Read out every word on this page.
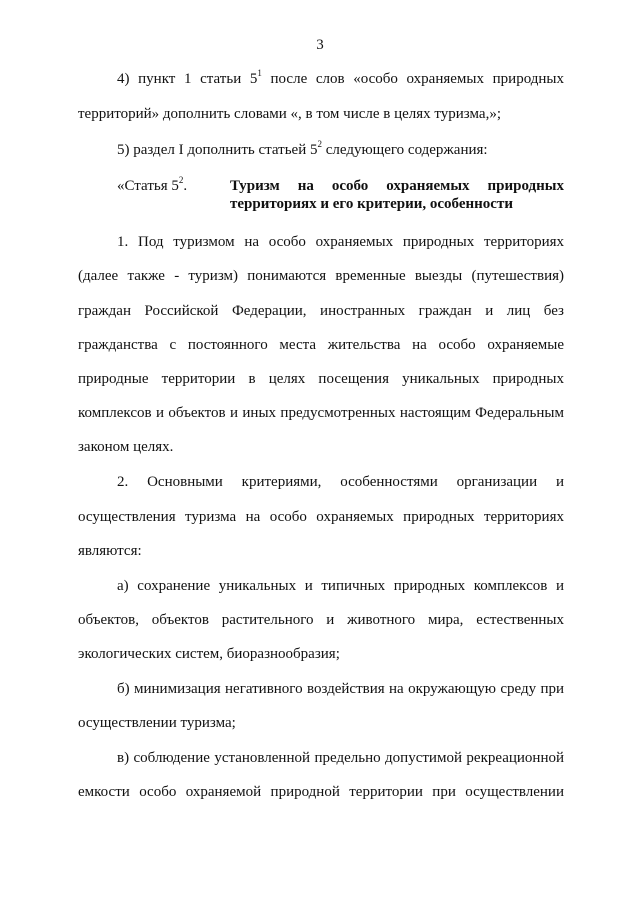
3
4) пункт 1 статьи $5^1$ после слов «особо охраняемых природных
территорий» дополнить словами «, в том числе в целях туризма,»;
5) раздел I дополнить статьей $5^2$ следующего содержания:
«Статья $5^2$.	Туризм на особо охраняемых природных
территориях и его критерии, особенности
1. Под туризмом на особо охраняемых природных территориях
(далее также - туризм) понимаются временные выезды (путешествия)
граждан Российской Федерации, иностранных граждан и лиц без
гражданства с постоянного места жительства на особо охраняемые
природные территории в целях посещения уникальных природных
комплексов и объектов и иных предусмотренных настоящим Федеральным
законом целях.
2. Основными критериями, особенностями организации и
осуществления туризма на особо охраняемых природных территориях
являются:
а) сохранение уникальных и типичных природных комплексов и
объектов, объектов растительного и животного мира, естественных
экологических систем, биоразнообразия;
б) минимизация негативного воздействия на окружающую среду при
осуществлении туризма;
в) соблюдение установленной предельно допустимой рекреационной
емкости особо охраняемой природной территории при осуществлении
